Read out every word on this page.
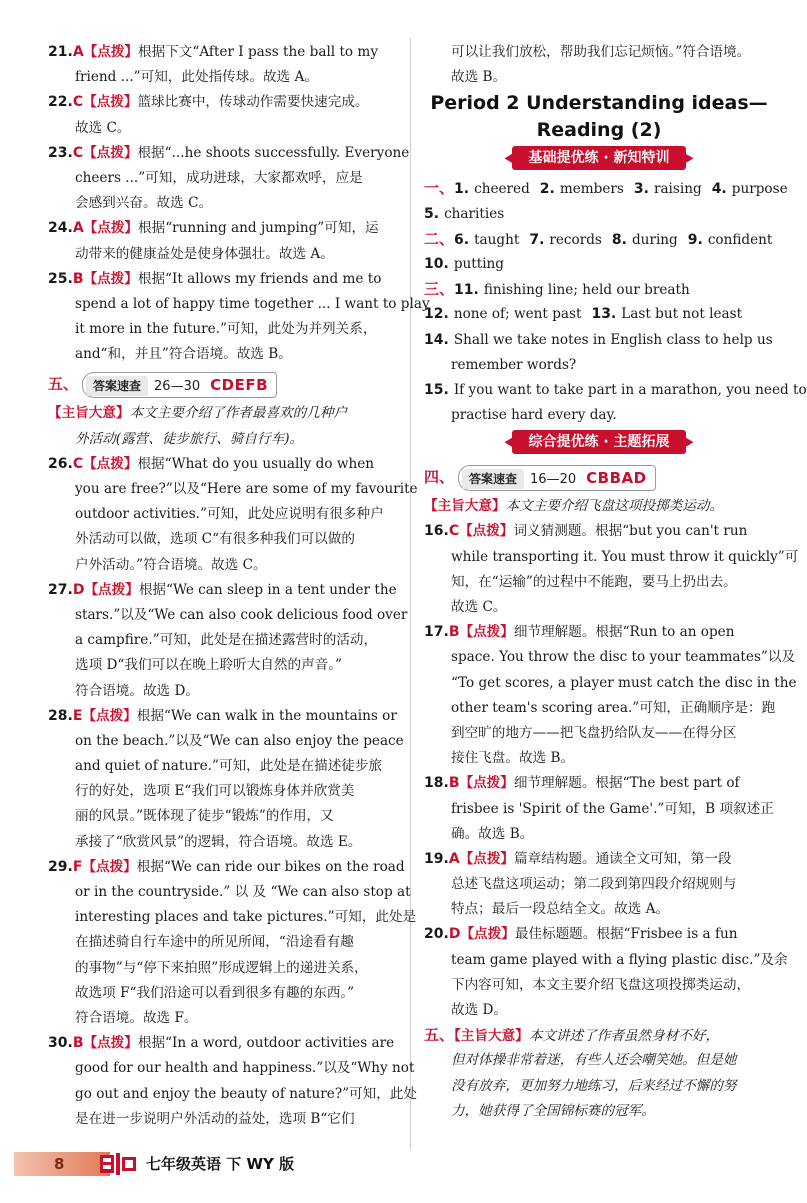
21.A【点拨】根据下文“After I pass the ball to my

friend ...”可知，此处指传球。故选 A。

22.C【点拨】篮球比赛中，传球动作需要快速完成。

故选 C。

23.C【点拨】根据“...he shoots successfully. Everyone

cheers ...”可知，成功进球，大家都欢呼，应是

会感到兴奋。故选 C。

24.A【点拨】根据“running and jumping”可知，运

动带来的健康益处是使身体强壮。故选 A。

25.B【点拨】根据“It allows my friends and me to

spend a lot of happy time together ... I want to play

it more in the future.”可知，此处为并列关系，

and“和，并且”符合语境。故选 B。

五、 答案速查 26—30 CDEFB

【主旨大意】本文主要介绍了作者最喜欢的几种户

外活动(露营、徒步旅行、骑自行车)。

26.C【点拨】根据“What do you usually do when

you are free?”以及“Here are some of my favourite

outdoor activities.”可知，此处应说明有很多种户

外活动可以做，选项 C“有很多种我们可以做的

户外活动。”符合语境。故选 C。

27.D【点拨】根据“We can sleep in a tent under the

stars.”以及“We can also cook delicious food over

a campfire.”可知，此处是在描述露营时的活动，

选项 D“我们可以在晚上聆听大自然的声音。”

符合语境。故选 D。

28.E【点拨】根据“We can walk in the mountains or

on the beach.”以及“We can also enjoy the peace

and quiet of nature.”可知，此处是在描述徒步旅

行的好处，选项 E“我们可以锻炼身体并欣赏美

丽的风景。”既体现了徒步“锻炼”的作用，又

承接了“欣赏风景”的逻辑，符合语境。故选 E。

29.F【点拨】根据“We can ride our bikes on the road

or in the countryside.” 以 及 “We can also stop at

interesting places and take pictures.”可知，此处是

在描述骑自行车途中的所见所闻，“沿途看有趣

的事物”与“停下来拍照”形成逻辑上的递进关系，

故选项 F“我们沿途可以看到很多有趣的东西。”

符合语境。故选 F。

30.B【点拨】根据“In a word, outdoor activities are

good for our health and happiness.”以及“Why not

go out and enjoy the beauty of nature?”可知，此处

是在进一步说明户外活动的益处，选项 B“它们

可以让我们放松，帮助我们忘记烦恼。”符合语境。

故选 B。

Period 2 Understanding ideas—
Reading (2)
基础提优练 · 新知特训

一、1. cheered 2. members 3. raising 4. purpose

5. charities

二、6. taught 7. records 8. during 9. confident

10. putting

三、11. finishing line; held our breath

12. none of; went past 13. Last but not least

14. Shall we take notes in English class to help us

remember words?

15. If you want to take part in a marathon, you need to

practise hard every day.

综合提优练 · 主题拓展
四、 答案速查 16—20 CBBAD

【主旨大意】本文主要介绍飞盘这项投掷类运动。

16.C【点拨】词义猜测题。根据“but you can't run

while transporting it. You must throw it quickly”可

知，在“运输”的过程中不能跑，要马上扔出去。

故选 C。

17.B【点拨】细节理解题。根据“Run to an open

space. You throw the disc to your teammates”以及

“To get scores, a player must catch the disc in the

other team's scoring area.”可知，正确顺序是：跑

到空旷的地方——把飞盘扔给队友——在得分区

接住飞盘。故选 B。

18.B【点拨】细节理解题。根据“The best part of

frisbee is 'Spirit of the Game'.”可知，B 项叙述正

确。故选 B。

19.A【点拨】篇章结构题。通读全文可知，第一段

总述飞盘这项运动；第二段到第四段介绍规则与

特点；最后一段总结全文。故选 A。

20.D【点拨】最佳标题题。根据“Frisbee is a fun

team game played with a flying plastic disc.”及余

下内容可知，本文主要介绍飞盘这项投掷类运动，

故选 D。

五、【主旨大意】本文讲述了作者虽然身材不好，

但对体操非常着迷，有些人还会嘲笑她。但是她

没有放弃，更加努力地练习，后来经过不懈的努

力，她获得了全国锦标赛的冠军。

8	七年级英语 下 WY 版
